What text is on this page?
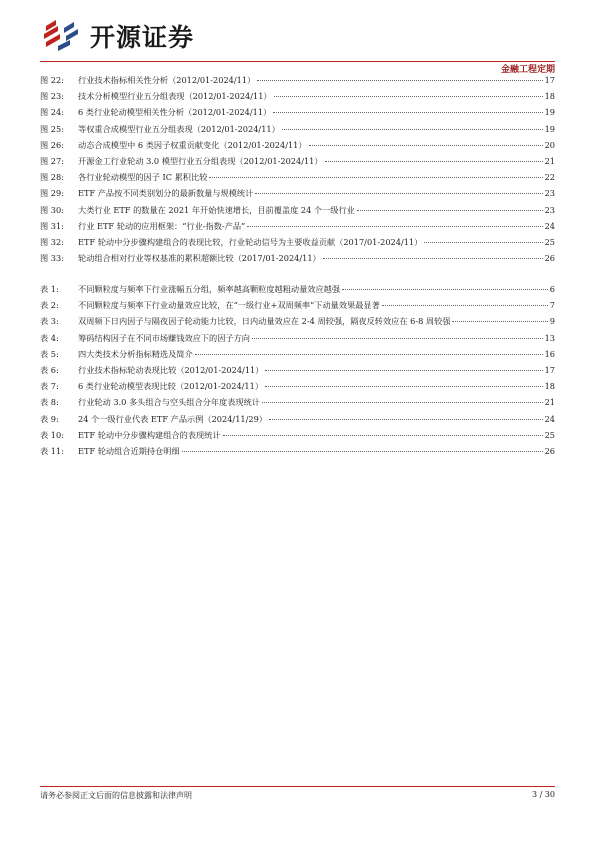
开源证券
金融工程定期
图 22:	行业技术指标相关性分析（2012/01-2024/11）	17
图 23:	技术分析模型行业五分组表现（2012/01-2024/11）	18
图 24:	6 类行业轮动模型相关性分析（2012/01-2024/11）	19
图 25:	等权重合成模型行业五分组表现（2012/01-2024/11）	19
图 26:	动态合成模型中 6 类因子权重贡献变化（2012/01-2024/11）	20
图 27:	开源金工行业轮动 3.0 模型行业五分组表现（2012/01-2024/11）	21
图 28:	各行业轮动模型的因子 IC 累积比较	22
图 29:	ETF 产品按不同类别划分的最新数量与规模统计	23
图 30:	大类行业 ETF 的数量在 2021 年开始快速增长，目前覆盖度 24 个一级行业	23
图 31:	行业 ETF 轮动的应用框架：“行业-指数-产品”	24
图 32:	ETF 轮动中分步骤构建组合的表现比较，行业轮动信号为主要收益贡献（2017/01-2024/11）	25
图 33:	轮动组合相对行业等权基准的累积超额比较（2017/01-2024/11）	26
表 1:	不同颗粒度与频率下行业涨幅五分组，频率越高颗粒度越粗动量效应越强	6
表 2:	不同颗粒度与频率下行业动量效应比较，在“一级行业+双周频率”下动量效果最显著	7
表 3:	双周频下日内因子与隔夜因子轮动能力比较，日内动量效应在 2-4 周较强，隔夜反转效应在 6-8 周较强	9
表 4:	筹码结构因子在不同市场赚钱效应下的因子方向	13
表 5:	四大类技术分析指标精选及简介	16
表 6:	行业技术指标轮动表现比较（2012/01-2024/11）	17
表 7:	6 类行业轮动模型表现比较（2012/01-2024/11）	18
表 8:	行业轮动 3.0 多头组合与空头组合分年度表现统计	21
表 9:	24 个一级行业代表 ETF 产品示例（2024/11/29）	24
表 10:	ETF 轮动中分步骤构建组合的表现统计	25
表 11:	ETF 轮动组合近期持仓明细	26
请务必参阅正文后面的信息披露和法律声明	3 / 30
